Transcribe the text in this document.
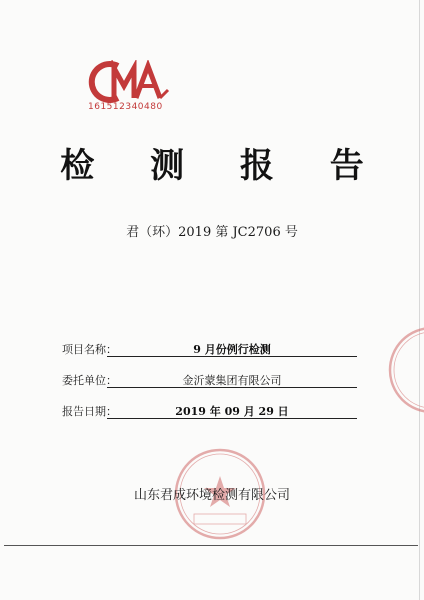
161512340480
检 测 报 告
君（环）2019 第 JC2706 号
项目名称：	9 月份例行检测
委托单位：	金沂蒙集团有限公司
报告日期：	2019 年 09 月 29 日
山东君成环境检测有限公司
